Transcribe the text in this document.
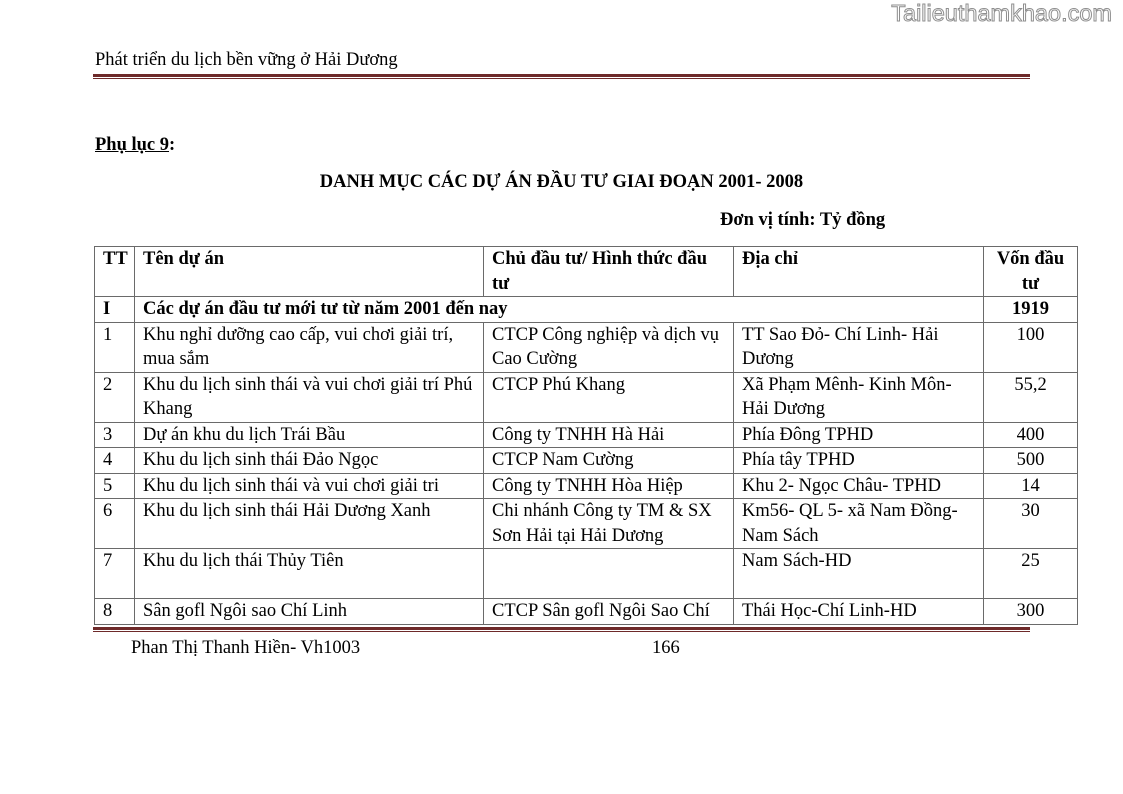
Tailieuthamkhao.com
Phát triển du lịch bền vững ở Hải Dương
Phụ lục 9:
DANH MỤC CÁC DỰ ÁN ĐẦU TƯ GIAI ĐOẠN 2001- 2008
Đơn vị tính: Tỷ đồng
TT	Tên dự án	Chủ đầu tư/ Hình thức đầu tư	Địa chỉ	Vốn đầu tư
I	Các dự án đầu tư mới tư từ năm 2001 đến nay			1919
1	Khu nghỉ dưỡng cao cấp, vui chơi giải trí, mua sắm	CTCP Công nghiệp và dịch vụ Cao Cường	TT Sao Đỏ- Chí Linh- Hải Dương	100
2	Khu du lịch sinh thái và vui chơi giải trí Phú Khang	CTCP Phú Khang	Xã Phạm Mênh- Kinh Môn- Hải Dương	55,2
3	Dự án khu du lịch Trái Bầu	Công ty TNHH Hà Hải	Phía Đông TPHD	400
4	Khu du lịch sinh thái Đảo Ngọc	CTCP Nam Cường	Phía tây TPHD	500
5	Khu du lịch sinh thái và vui chơi giải tri	Công ty TNHH Hòa Hiệp	Khu 2- Ngọc Châu- TPHD	14
6	Khu du lịch sinh thái Hải Dương Xanh	Chi nhánh Công ty TM & SX Sơn Hải tại Hải Dương	Km56- QL 5- xã Nam Đồng- Nam Sách	30
7	Khu du lịch thái Thủy Tiên		Nam Sách-HD	25
8	Sân gofl Ngôi sao Chí Linh	CTCP Sân gofl Ngôi Sao Chí	Thái Học-Chí Linh-HD	300
Phan Thị Thanh Hiền- Vh1003	166
